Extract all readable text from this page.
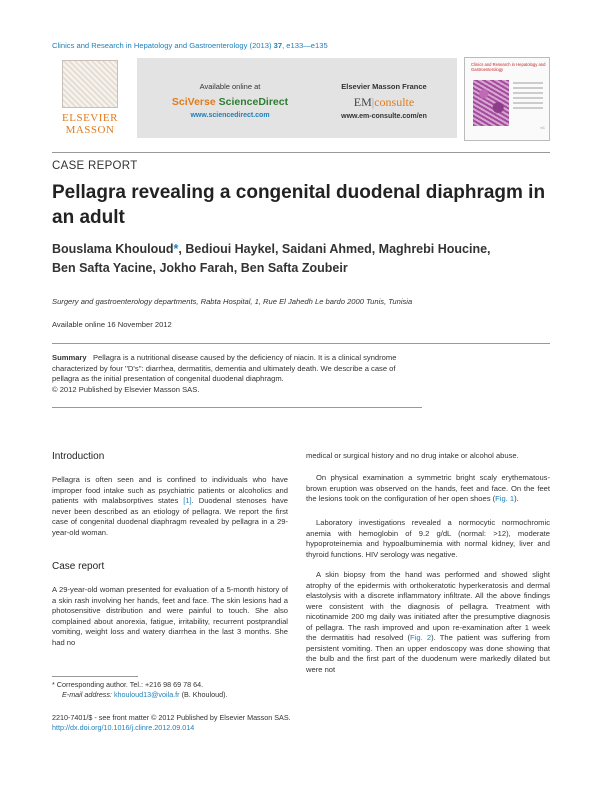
Clinics and Research in Hepatology and Gastroenterology (2013) 37, e133—e135
ELSEVIER
MASSON
Available online at
SciVerse ScienceDirect
www.sciencedirect.com
Elsevier Masson France
EM|consulte
www.em-consulte.com/en
Clinics and Research in Hepatology and Gastroenterology
e1
CASE REPORT
Pellagra revealing a congenital duodenal diaphragm in an adult
Bouslama Khouloud*, Bedioui Haykel, Saidani Ahmed, Maghrebi Houcine,
Ben Safta Yacine, Jokho Farah, Ben Safta Zoubeir
Surgery and gastroenterology departments, Rabta Hospital, 1, Rue El Jahedh Le bardo 2000 Tunis, Tunisia
Available online 16 November 2012
Summary Pellagra is a nutritional disease caused by the deficiency of niacin. It is a clinical syndrome characterized by four ''D's'': diarrhea, dermatitis, dementia and ultimately death. We describe a case of pellagra as the initial presentation of congenital duodenal diaphragm.
© 2012 Published by Elsevier Masson SAS.
Introduction
Pellagra is often seen and is confined to individuals who have improper food intake such as psychiatric patients or alcoholics and patients with malabsorptives states [1]. Duodenal stenoses have never been described as an etiology of pellagra. We report the first case of congenital duodenal diaphragm revealed by pellagra in a 29-year-old woman.
Case report
A 29-year-old woman presented for evaluation of a 5-month history of a skin rash involving her hands, feet and face. The skin lesions had a photosensitive distribution and were painful to touch. She also complained about anorexia, fatigue, irritability, recurrent postprandial vomiting, weight loss and watery diarrhea in the last 3 months. She had no
medical or surgical history and no drug intake or alcohol abuse.
On physical examination a symmetric bright scaly erythematous-brown eruption was observed on the hands, feet and face. On the feet the lesions took on the configuration of her open shoes (Fig. 1).
Laboratory investigations revealed a normocytic normochromic anemia with hemoglobin of 9.2 g/dL (normal: >12), moderate hypoproteinemia and hypoalbuminemia with normal kidney, liver and thyroid functions. HIV serology was negative.
A skin biopsy from the hand was performed and showed slight atrophy of the epidermis with orthokeratotic hyperkeratosis and dermal elastolysis with a discrete inflammatory infiltrate. All the above findings were consistent with the diagnosis of pellagra. Treatment with nicotinamide 200 mg daily was initiated after the presumptive diagnosis of pellagra. The rash improved and upon re-examination after 1 week the dermatitis had resolved (Fig. 2). The patient was suffering from persistent vomiting. Then an upper endoscopy was done showing that the bulb and the first part of the duodenum were markedly dilated but were not
* Corresponding author. Tel.: +216 98 69 78 64.
E-mail address: khouloud13@voila.fr (B. Khouloud).
2210-7401/$ - see front matter © 2012 Published by Elsevier Masson SAS.
http://dx.doi.org/10.1016/j.clinre.2012.09.014
